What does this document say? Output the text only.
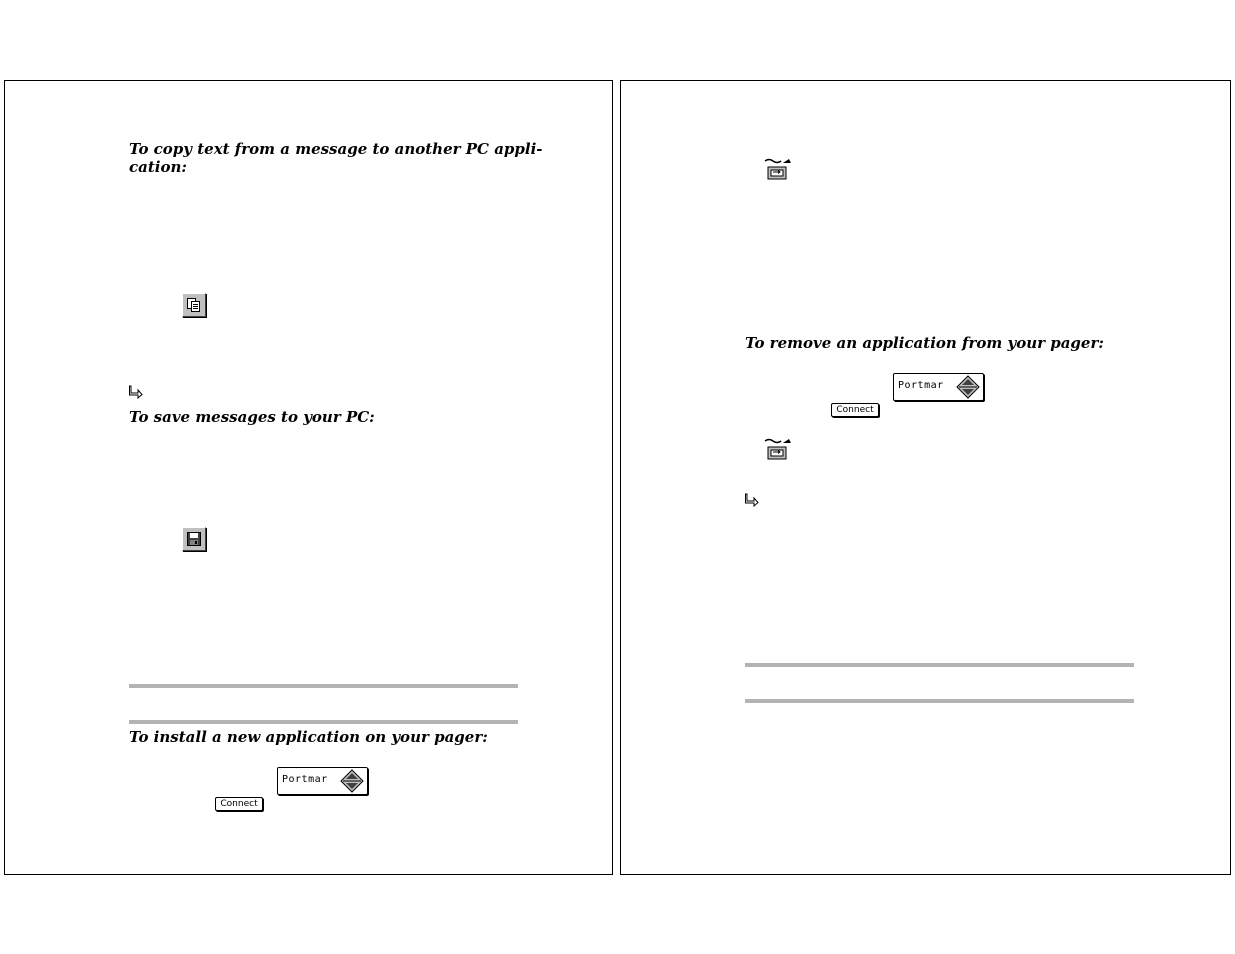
To copy text from a message to another PC appli-
cation:
To save messages to your PC:
To install a new application on your pager:
Portmar
Connect
To remove an application from your pager:
Portmar
Connect
